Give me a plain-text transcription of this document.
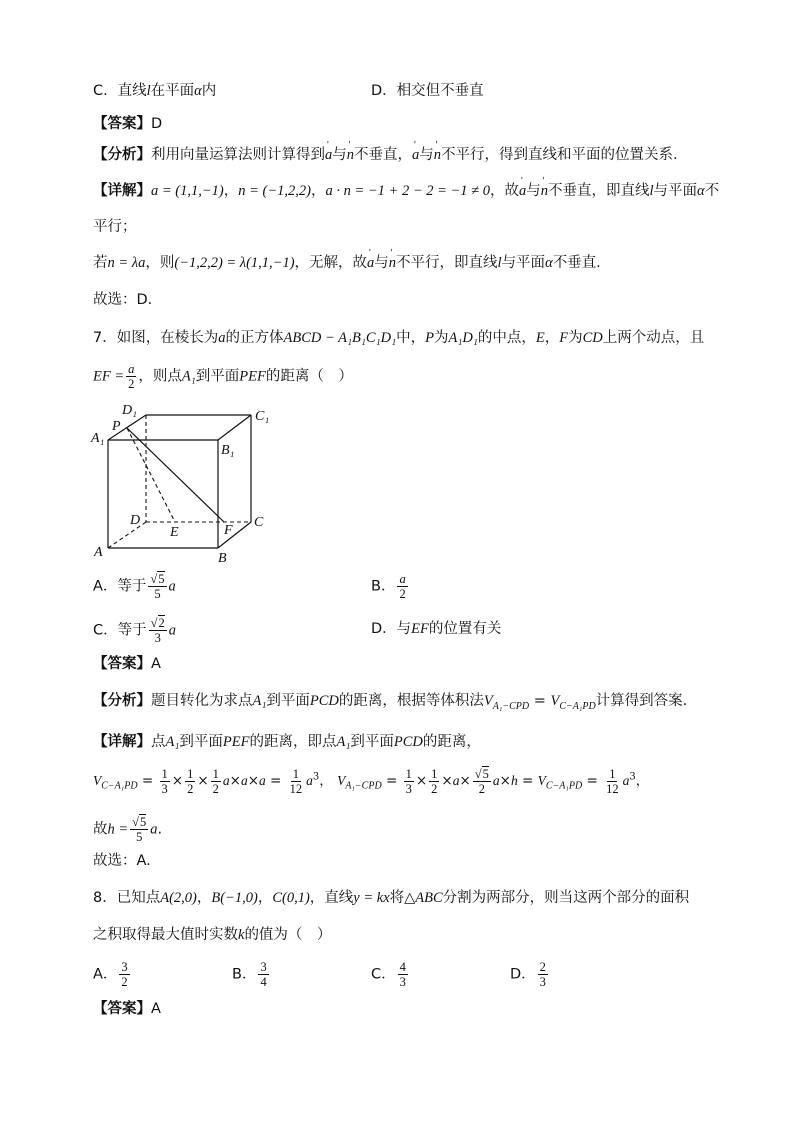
C．直线l在平面α内	D．相交但不垂直
【答案】D
【分析】利用向量运算法则计算得到' a与' n不垂直，' a与' n不平行，得到直线和平面的位置关系.
【详解】a = (1,1,−1)，n = (−1,2,2)，a · n = −1 + 2 − 2 = −1 ≠ 0，故' a与' n不垂直，即直线l与平面α不
平行；
若n = λa，则(−1,2,2) = λ(1,1,−1)，无解，故' a与' n不平行，即直线l与平面α不垂直.
故选：D.
7．如图，在棱长为a的正方体ABCD − A₁B₁C₁D₁中，P为A₁D₁的中点，E，F为CD上两个动点，且
EF = $\frac{a}{2}$ ，则点A₁到平面PEF的距离（　）
D₁	C₁
P
A₁
B₁
D
E	F
C
A	B
A．等于 $\frac{√5}{5}$ a	B． $\frac{a}{2}$
C．等于 $\frac{√2}{3}$ a	D．与EF的位置有关
【答案】A
【分析】题目转化为求点A₁到平面PCD的距离，根据等体积法$V_{A_1-CPD} = V_{C-A_1PD}$计算得到答案.
【详解】点A₁到平面PEF的距离，即点A₁到平面PCD的距离，
$V_{C-A_1PD} = \frac{1}{3} \times \frac{1}{2} \times \frac{1}{2} a\times a\times a = \frac{1}{12} a^3$， $V_{A_1-CPD} = \frac{1}{3} \times \frac{1}{2} \times a\times \frac{√5}{2} a\times h = V_{C-A_1PD} = \frac{1}{12} a^3$，
故$h = \frac{√5}{5} a$.
故选：A.
8．已知点A(2,0)，B(−1,0)，C(0,1)，直线y = kx将△ABC分割为两部分，则当这两个部分的面积
之积取得最大值时实数k的值为（　）
A． $\frac{3}{2}$	B． $\frac{3}{4}$	C． $\frac{4}{3}$	D． $\frac{2}{3}$
【答案】A
